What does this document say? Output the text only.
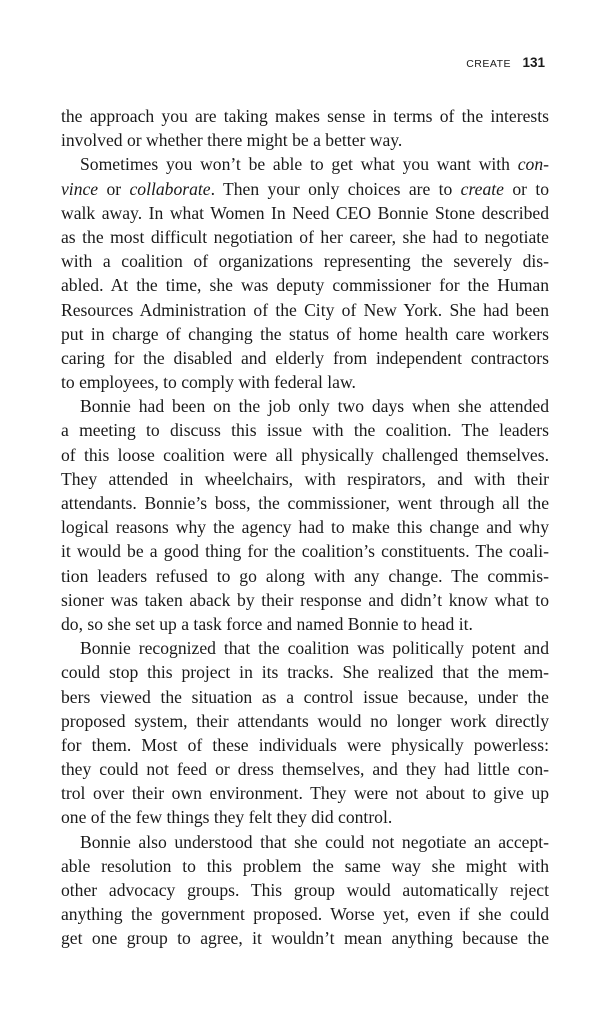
CREATE 131
the approach you are taking makes sense in terms of the interests
involved or whether there might be a better way.
Sometimes you won’t be able to get what you want with con-
vince or collaborate. Then your only choices are to create or to
walk away. In what Women In Need CEO Bonnie Stone described
as the most difficult negotiation of her career, she had to negotiate
with a coalition of organizations representing the severely dis-
abled. At the time, she was deputy commissioner for the Human
Resources Administration of the City of New York. She had been
put in charge of changing the status of home health care workers
caring for the disabled and elderly from independent contractors
to employees, to comply with federal law.
Bonnie had been on the job only two days when she attended
a meeting to discuss this issue with the coalition. The leaders
of this loose coalition were all physically challenged themselves.
They attended in wheelchairs, with respirators, and with their
attendants. Bonnie’s boss, the commissioner, went through all the
logical reasons why the agency had to make this change and why
it would be a good thing for the coalition’s constituents. The coali-
tion leaders refused to go along with any change. The commis-
sioner was taken aback by their response and didn’t know what to
do, so she set up a task force and named Bonnie to head it.
Bonnie recognized that the coalition was politically potent and
could stop this project in its tracks. She realized that the mem-
bers viewed the situation as a control issue because, under the
proposed system, their attendants would no longer work directly
for them. Most of these individuals were physically powerless:
they could not feed or dress themselves, and they had little con-
trol over their own environment. They were not about to give up
one of the few things they felt they did control.
Bonnie also understood that she could not negotiate an accept-
able resolution to this problem the same way she might with
other advocacy groups. This group would automatically reject
anything the government proposed. Worse yet, even if she could
get one group to agree, it wouldn’t mean anything because the
